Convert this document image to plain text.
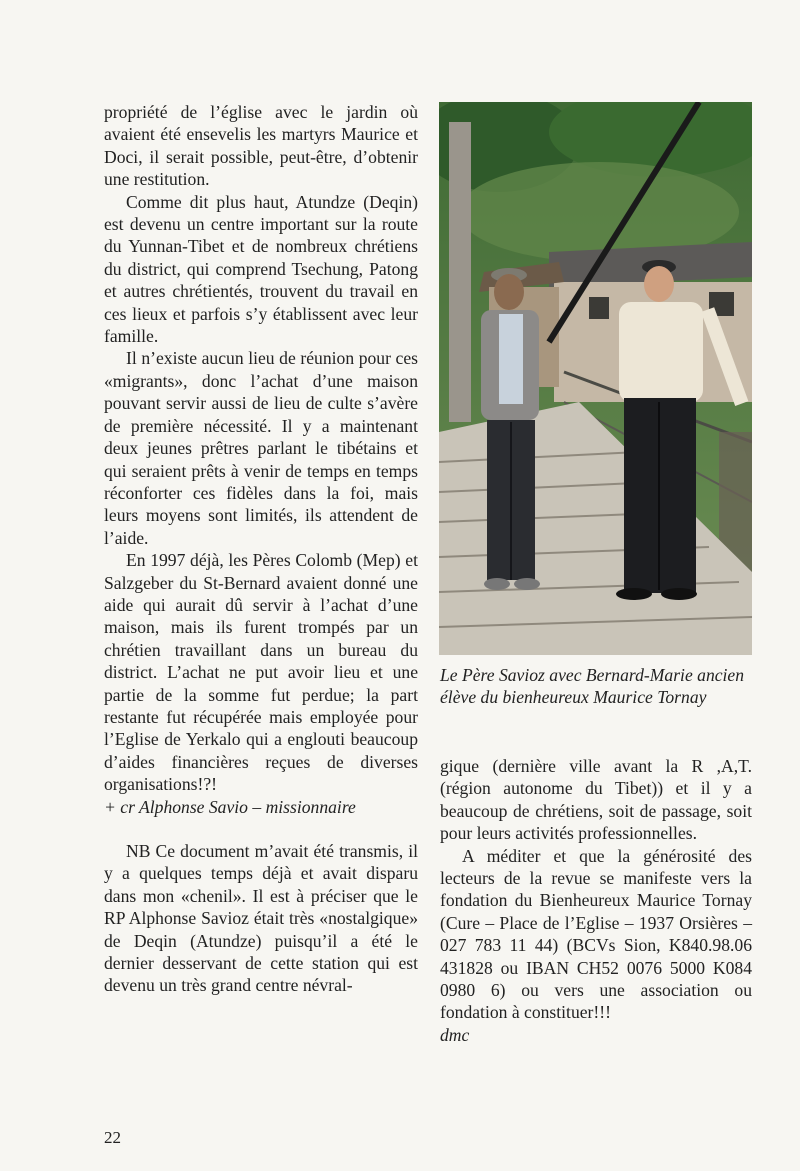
propriété de l’église avec le jardin où avaient été ensevelis les martyrs Maurice et Doci, il serait possible, peut-être, d’obtenir une restitution.

Comme dit plus haut, Atundze (Deqin) est devenu un centre important sur la route du Yunnan-Tibet et de nombreux chrétiens du district, qui comprend Tsechung, Patong et autres chrétientés, trouvent du travail en ces lieux et parfois s’y établissent avec leur famille.

Il n’existe aucun lieu de réunion pour ces «migrants», donc l’achat d’une maison pouvant servir aussi de lieu de culte s’avère de première nécessité. Il y a maintenant deux jeunes prêtres parlant le tibétains et qui seraient prêts à venir de temps en temps réconforter ces fidèles dans la foi, mais leurs moyens sont limités, ils attendent de l’aide.

En 1997 déjà, les Pères Colomb (Mep) et Salzgeber du St-Bernard avaient donné une aide qui aurait dû servir à l’achat d’une maison, mais ils furent trompés par un chrétien travaillant dans un bureau du district. L’achat ne put avoir lieu et une partie de la somme fut perdue; la part restante fut récupérée mais employée pour l’Eglise de Yerkalo qui a englouti beaucoup d’aides financières reçues de diverses organisations!?!

+ cr Alphonse Savio – missionnaire

NB Ce document m’avait été transmis, il y a quelques temps déjà et avait disparu dans mon «chenil». Il est à préciser que le RP Alphonse Savioz était très «nostalgique» de Deqin (Atundze) puisqu’il a été le dernier desservant de cette station qui est devenu un très grand centre névral-

Le Père Savioz avec Bernard-Marie ancien élève du bienheureux Maurice Tornay

gique (dernière ville avant la R ,A,T. (région autonome du Tibet)) et il y a beaucoup de chrétiens, soit de passage, soit pour leurs activités professionnelles.

A méditer et que la générosité des lecteurs de la revue se manifeste vers la fondation du Bienheureux Maurice Tornay (Cure – Place de l’Eglise – 1937 Orsières – 027 783 11 44) (BCVs Sion, K840.98.06 431828 ou IBAN CH52 0076 5000 K084 0980 6) ou vers une association ou fondation à constituer!!!

dmc

22
